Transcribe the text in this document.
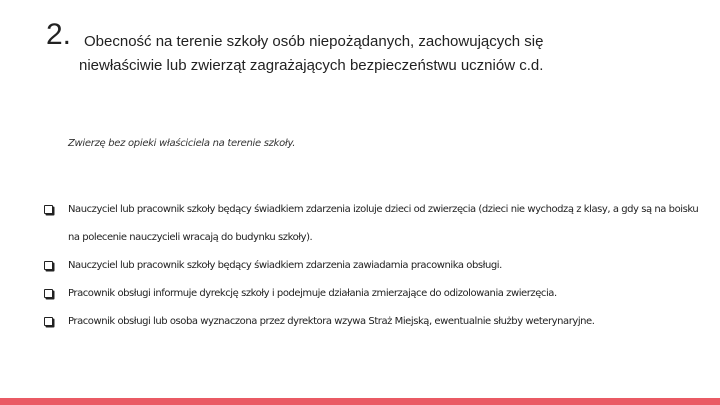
2. Obecność na terenie szkoły osób niepożądanych, zachowujących się
niewłaściwie lub zwierząt zagrażających bezpieczeństwu uczniów c.d.
Zwierzę bez opieki właściciela na terenie szkoły.
Nauczyciel lub pracownik szkoły będący świadkiem zdarzenia izoluje dzieci od zwierzęcia (dzieci nie wychodzą z klasy, a gdy są na boisku na polecenie nauczycieli wracają do budynku szkoły).
Nauczyciel lub pracownik szkoły będący świadkiem zdarzenia zawiadamia pracownika obsługi.
Pracownik obsługi informuje dyrekcję szkoły i podejmuje działania zmierzające do odizolowania zwierzęcia.
Pracownik obsługi lub osoba wyznaczona przez dyrektora wzywa Straż Miejską, ewentualnie służby weterynaryjne.
